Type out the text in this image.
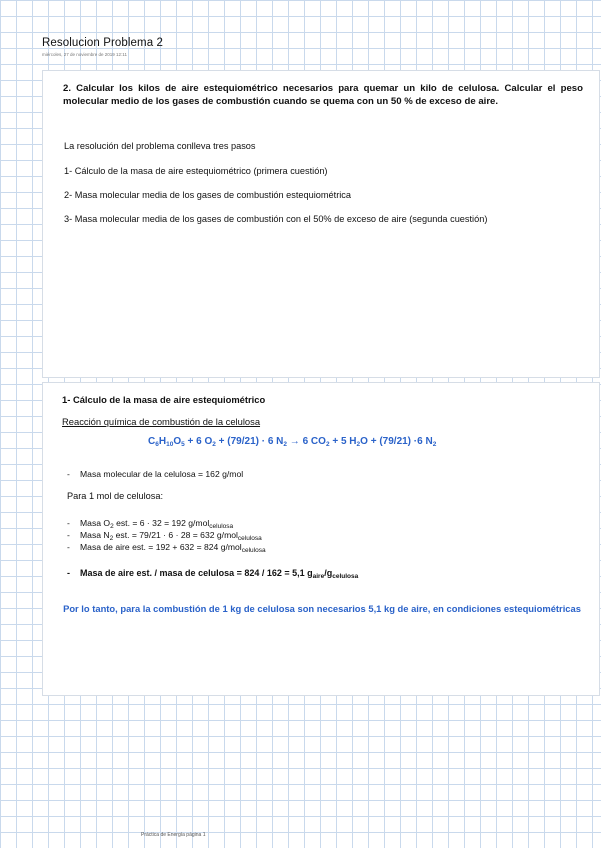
Resolucion Problema 2
miércoles, 27 de noviembre de 2019 12:11
2. Calcular los kilos de aire estequiométrico necesarios para quemar un kilo de celulosa. Calcular el peso molecular medio de los gases de combustión cuando se quema con un 50 % de exceso de aire.
La resolución del problema conlleva tres pasos
1- Cálculo de la masa de aire estequiométrico (primera cuestión)
2- Masa molecular media de los gases de combustión estequiométrica
3- Masa molecular media de los gases de combustión con el 50% de exceso de aire (segunda cuestión)
1- Cálculo de la masa de aire estequiométrico
Reacción química de combustión de la celulosa
$C_6H_{10}O_5 + 6$ $O_2 + (79/21) \cdot 6$ $N_2 \to 6$ $CO_2 + 5$ $H_2O + (79/21) \cdot 6$ $N_2$
- Masa molecular de la celulosa = 162 g/mol
Para 1 mol de celulosa:
- Masa $O_2$ est. = 6 · 32 = 192 g/mol$_{celulosa}$
- Masa $N_2$ est. = 79/21 · 6 · 28 = 632 g/mol$_{celulosa}$
- Masa de aire est. = 192 + 632 = 824 g/mol$_{celulosa}$
- Masa de aire est. / masa de celulosa = 824 / 162 = 5,1 $g_{aire}/g_{celulosa}$
Por lo tanto, para la combustión de 1 kg de celulosa son necesarios 5,1 kg de aire, en condiciones estequiométricas
Práctica de Energía página 1
